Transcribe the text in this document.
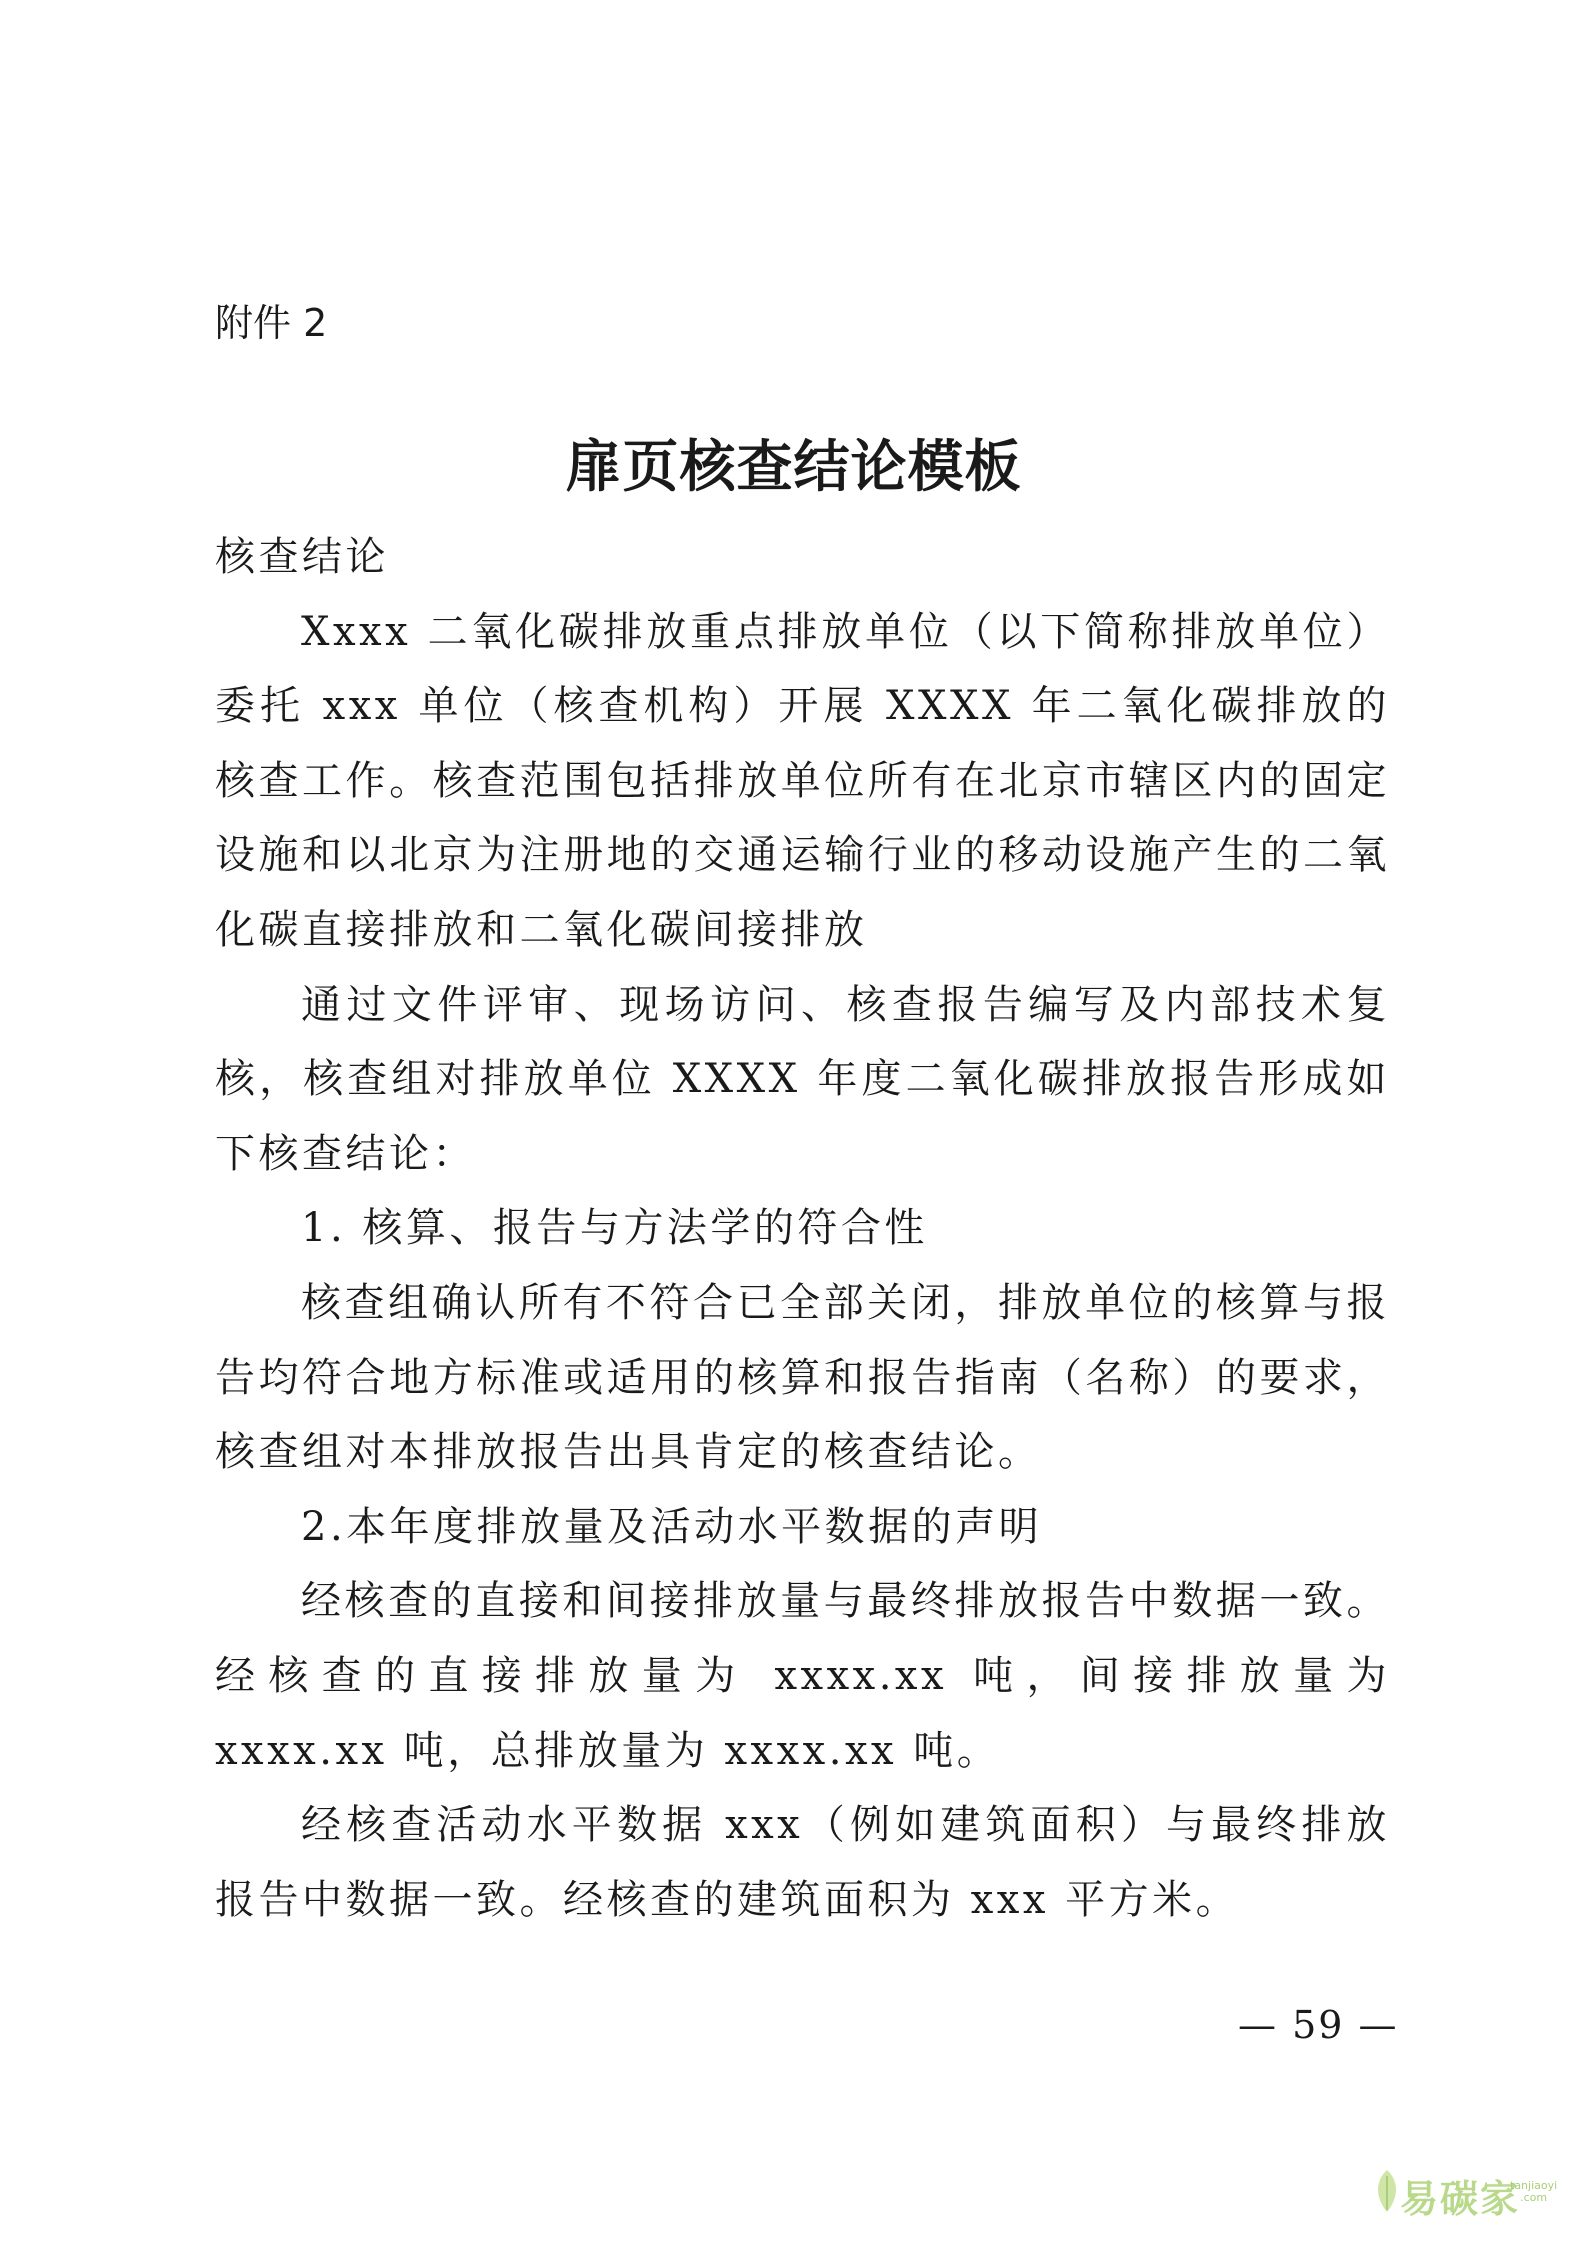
附件 2
扉页核查结论模板

核查结论

Xxxx 二氧化碳排放重点排放单位（以下简称排放单位）委托 xxx 单位（核查机构）开展 XXXX 年二氧化碳排放的核查工作。核查范围包括排放单位所有在北京市辖区内的固定设施和以北京为注册地的交通运输行业的移动设施产生的二氧化碳直接排放和二氧化碳间接排放

通过文件评审、现场访问、核查报告编写及内部技术复核，核查组对排放单位 XXXX 年度二氧化碳排放报告形成如下核查结论：

1. 核算、报告与方法学的符合性

核查组确认所有不符合已全部关闭，排放单位的核算与报告均符合地方标准或适用的核算和报告指南（名称）的要求，核查组对本排放报告出具肯定的核查结论。

2.本年度排放量及活动水平数据的声明

经核查的直接和间接排放量与最终排放报告中数据一致。经核查的直接排放量为 xxxx.xx 吨，间接排放量为 xxxx.xx 吨，总排放量为 xxxx.xx 吨。

经核查活动水平数据 xxx（例如建筑面积）与最终排放报告中数据一致。经核查的建筑面积为 xxx 平方米。

— 59 —
易碳家
tanjiaoyi
.com
